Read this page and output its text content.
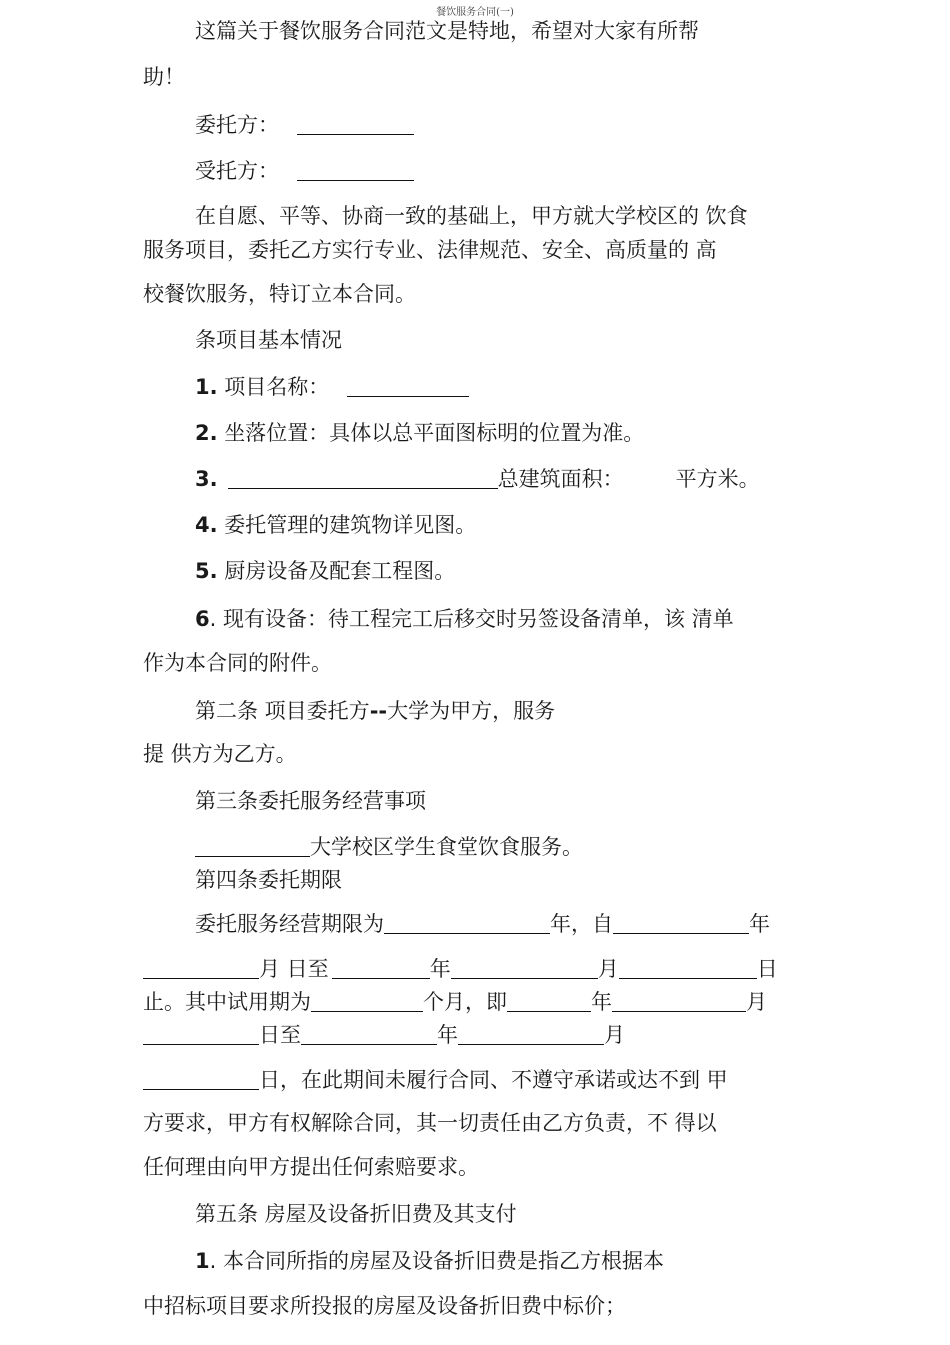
餐饮服务合同(一)
这篇关于餐饮服务合同范文是特地，希望对大家有所帮
助！
委托方：
受托方：
在自愿、平等、协商一致的基础上，甲方就大学校区的 饮食
服务项目，委托乙方实行专业、法律规范、安全、高质量的 高
校餐饮服务，特订立本合同。
条项目基本情况
1. 项目名称：
2. 坐落位置：具体以总平面图标明的位置为准。
3.	总建筑面积： 平方米。
4. 委托管理的建筑物详见图。
5. 厨房设备及配套工程图。
6. 现有设备：待工程完工后移交时另签设备清单，该 清单
作为本合同的附件。
第二条 项目委托方--大学为甲方，服务
提 供方为乙方。
第三条委托服务经营事项
大学校区学生食堂饮食服务。
第四条委托期限
委托服务经营期限为	年，自	年
月 日至	年	月	日
止。其中试用期为	个月，即	年	月
日至	年	月
日，在此期间未履行合同、不遵守承诺或达不到 甲
方要求，甲方有权解除合同，其一切责任由乙方负责，不 得以
任何理由向甲方提出任何索赔要求。
第五条 房屋及设备折旧费及其支付
1. 本合同所指的房屋及设备折旧费是指乙方根据本
中招标项目要求所投报的房屋及设备折旧费中标价；
